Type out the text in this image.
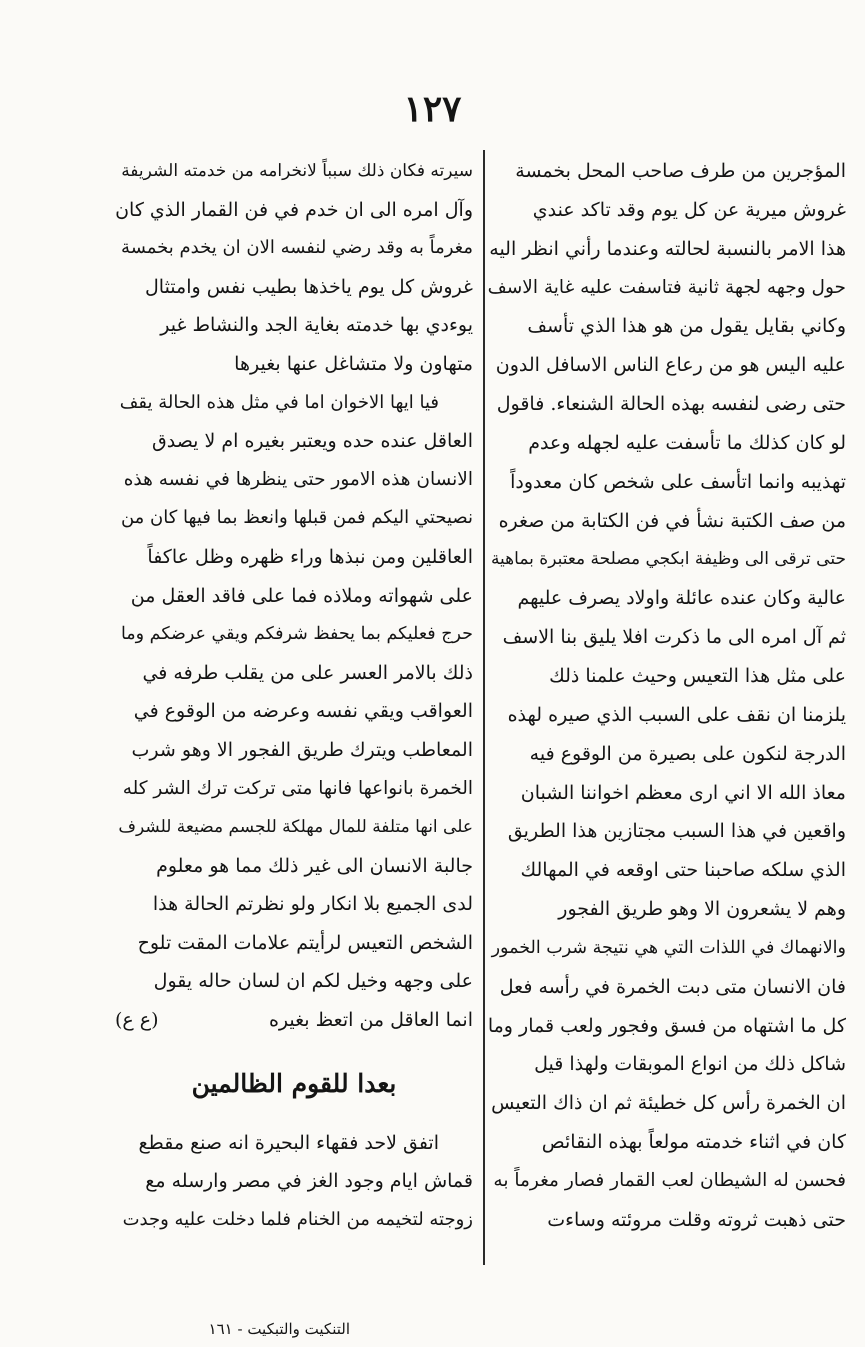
١٢٧
المؤجرين من طرف صاحب المحل بخمسة
غروش ميرية عن كل يوم وقد تاكد عندي
هذا الامر بالنسبة لحالته وعندما رأني انظر اليه
حول وجهه لجهة ثانية فتاسفت عليه غاية الاسف
وكاني بقايل يقول من هو هذا الذي تأسف
عليه اليس هو من رعاع الناس الاسافل الدون
حتى رضى لنفسه بهذه الحالة الشنعاء. فاقول
لو كان كذلك ما تأسفت عليه لجهله وعدم
تهذيبه وانما اتأسف على شخص كان معدوداً
من صف الكتبة نشأ في فن الكتابة من صغره
حتى ترقى الى وظيفة ابكجي مصلحة معتبرة بماهية
عالية وكان عنده عائلة واولاد يصرف عليهم
ثم آل امره الى ما ذكرت افلا يليق بنا الاسف
على مثل هذا التعيس وحيث علمنا ذلك
يلزمنا ان نقف على السبب الذي صيره لهذه
الدرجة لنكون على بصيرة من الوقوع فيه
معاذ الله الا اني ارى معظم اخواننا الشبان
واقعين في هذا السبب مجتازين هذا الطريق
الذي سلكه صاحبنا حتى اوقعه في المهالك
وهم لا يشعرون الا وهو طريق الفجور
والانهماك في اللذات التي هي نتيجة شرب الخمور
فان الانسان متى دبت الخمرة في رأسه فعل
كل ما اشتهاه من فسق وفجور ولعب قمار وما
شاكل ذلك من انواع الموبقات ولهذا قيل
ان الخمرة رأس كل خطيئة ثم ان ذاك التعيس
كان في اثناء خدمته مولعاً بهذه النقائص
فحسن له الشيطان لعب القمار فصار مغرماً به
حتى ذهبت ثروته وقلت مروئته وساءت
سيرته فكان ذلك سبباً لانخرامه من خدمته الشريفة
وآل امره الى ان خدم في فن القمار الذي كان
مغرماً به وقد رضي لنفسه الان ان يخدم بخمسة
غروش كل يوم ياخذها بطيب نفس وامتثال
يوءدي بها خدمته بغاية الجد والنشاط غير
متهاون ولا متشاغل عنها بغيرها
فيا ايها الاخوان اما في مثل هذه الحالة يقف
العاقل عنده حده ويعتبر بغيره ام لا يصدق
الانسان هذه الامور حتى ينظرها في نفسه هذه
نصيحتي اليكم فمن قبلها وانعظ بما فيها كان من
العاقلين ومن نبذها وراء ظهره وظل عاكفاً
على شهواته وملاذه فما على فاقد العقل من
حرج فعليكم بما يحفظ شرفكم ويقي عرضكم وما
ذلك بالامر العسر على من يقلب طرفه في
العواقب ويقي نفسه وعرضه من الوقوع في
المعاطب ويترك طريق الفجور الا وهو شرب
الخمرة بانواعها فانها متى تركت ترك الشر كله
على انها متلفة للمال مهلكة للجسم مضيعة للشرف
جالبة الانسان الى غير ذلك مما هو معلوم
لدى الجميع بلا انكار ولو نظرتم الحالة هذا
الشخص التعيس لرأيتم علامات المقت تلوح
على وجهه وخيل لكم ان لسان حاله يقول
انما العاقل من اتعظ بغيره
(ع ع)
بعدا للقوم الظالمين
اتفق لاحد فقهاء البحيرة انه صنع مقطع
قماش ايام وجود الغز في مصر وارسله مع
زوجته لتخيمه من الخنام فلما دخلت عليه وجدت
التنكيت والتبكيت - ١٦١
